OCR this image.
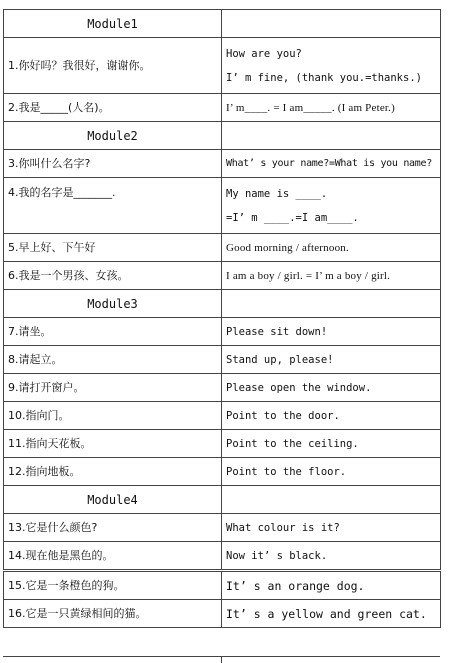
Module1	
1.你好吗？我很好，谢谢你。	How are you?
I’ m fine, (thank you.=thanks.)

2.我是_____(人名)。	I’ m____. = I am_____. (I am Peter.)
Module2	
3.你叫什么名字?	What’ s your name?=What is you name?
4.我的名字是_______.	My name is ____.
=I’ m ____.=I am____.

5.早上好、下午好	Good morning / afternoon.
6.我是一个男孩、女孩。	I am a boy / girl. = I’ m a boy / girl.
Module3	
7.请坐。	Please sit down!
8.请起立。	Stand up, please!
9.请打开窗户。	Please open the window.
10.指向门。	Point to the door.
11.指向天花板。	Point to the ceiling.
12.指向地板。	Point to the floor.
Module4	
13.它是什么颜色?	What colour is it?
14.现在他是黑色的。	Now it’ s black.
15.它是一条橙色的狗。	It’ s an orange dog.
16.它是一只黄绿相间的猫。	It’ s a yellow and green cat.
